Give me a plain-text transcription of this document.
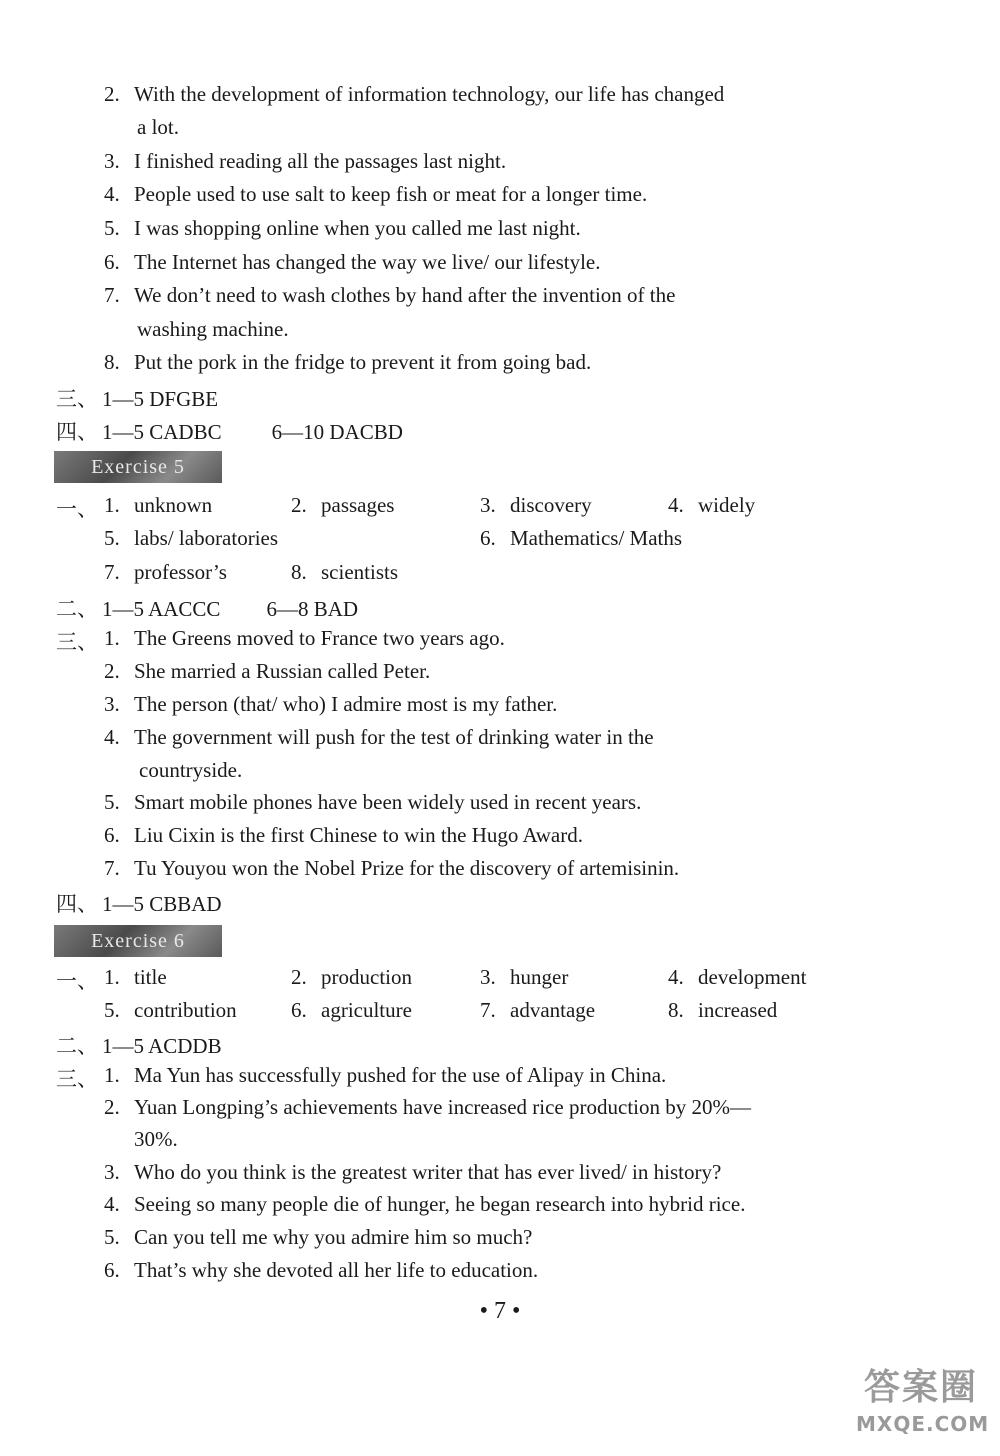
2. With the development of information technology, our life has changed
a lot.
3. I finished reading all the passages last night.
4. People used to use salt to keep fish or meat for a longer time.
5. I was shopping online when you called me last night.
6. The Internet has changed the way we live/ our lifestyle.
7. We don’t need to wash clothes by hand after the invention of the
washing machine.
8. Put the pork in the fridge to prevent it from going bad.
三、 1—5 DFGBE
四、 1—5 CADBC 6—10 DACBD
Exercise 5
一、 1. unknown	2. passages	3. discovery	4. widely
5. labs/ laboratories	6. Mathematics/ Maths
7. professor’s	8. scientists
二、 1—5 AACCC 6—8 BAD
三、 1. The Greens moved to France two years ago.
2. She married a Russian called Peter.
3. The person (that/ who) I admire most is my father.
4. The government will push for the test of drinking water in the
countryside.
5. Smart mobile phones have been widely used in recent years.
6. Liu Cixin is the first Chinese to win the Hugo Award.
7. Tu Youyou won the Nobel Prize for the discovery of artemisinin.
四、 1—5 CBBAD
Exercise 6
一、 1. title	2. production	3. hunger	4. development
5. contribution	6. agriculture	7. advantage	8. increased
二、 1—5 ACDDB
三、 1. Ma Yun has successfully pushed for the use of Alipay in China.
2. Yuan Longping’s achievements have increased rice production by 20%—
30%.
3. Who do you think is the greatest writer that has ever lived/ in history?
4. Seeing so many people die of hunger, he began research into hybrid rice.
5. Can you tell me why you admire him so much?
6. That’s why she devoted all her life to education.
• 7 •
答案圈
MXQE.COM
